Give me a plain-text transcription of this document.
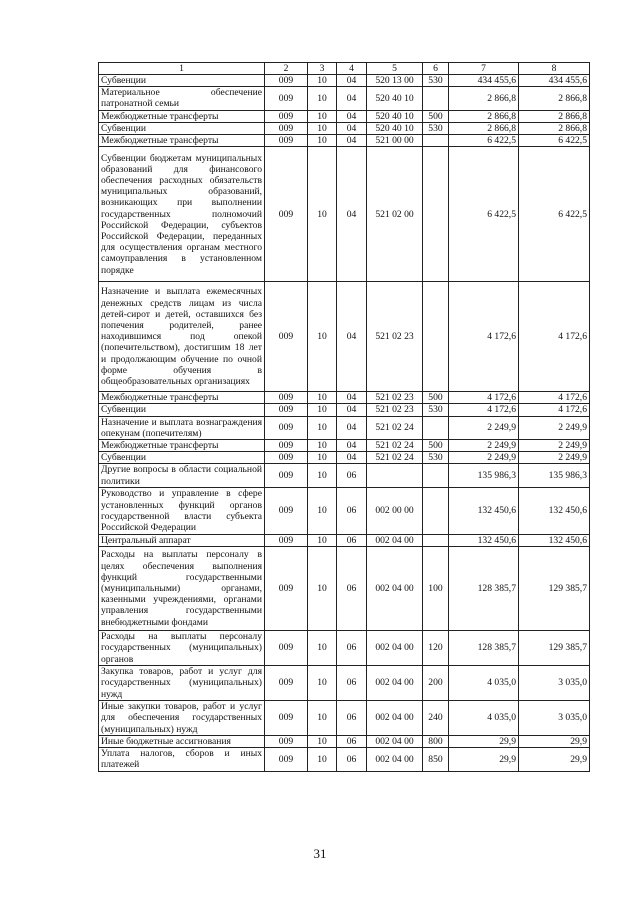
1	2	3	4	5	6	7	8
Субвенции	009	10	04	520 13 00	530	434 455,6	434 455,6
Материальное обеспечение патронатной семьи	009	10	04	520 40 10		2 866,8	2 866,8
Межбюджетные трансферты	009	10	04	520 40 10	500	2 866,8	2 866,8
Субвенции	009	10	04	520 40 10	530	2 866,8	2 866,8
Межбюджетные трансферты	009	10	04	521 00 00		6 422,5	6 422,5
Субвенции бюджетам муниципальных образований для финансового обеспечения расходных обязательств муниципальных образований, возникающих при выполнении государственных полномочий Российской Федерации, субъектов Российской Федерации, переданных для осуществления органам местного самоуправления в установленном порядке	009	10	04	521 02 00		6 422,5	6 422,5
Назначение и выплата ежемесячных денежных средств лицам из числа детей-сирот и детей, оставшихся без попечения родителей, ранее находившимся под опекой (попечительством), достигшим 18 лет и продолжающим обучение по очной форме обучения в общеобразовательных организациях	009	10	04	521 02 23		4 172,6	4 172,6
Межбюджетные трансферты	009	10	04	521 02 23	500	4 172,6	4 172,6
Субвенции	009	10	04	521 02 23	530	4 172,6	4 172,6
Назначение и выплата вознаграждения опекунам (попечителям)	009	10	04	521 02 24		2 249,9	2 249,9
Межбюджетные трансферты	009	10	04	521 02 24	500	2 249,9	2 249,9
Субвенции	009	10	04	521 02 24	530	2 249,9	2 249,9
Другие вопросы в области социальной политики	009	10	06			135 986,3	135 986,3
Руководство и управление в сфере установленных функций органов государственной власти субъекта Российской Федерации	009	10	06	002 00 00		132 450,6	132 450,6
Центральный аппарат	009	10	06	002 04 00		132 450,6	132 450,6
Расходы на выплаты персоналу в целях обеспечения выполнения функций государственными (муниципальными) органами, казенными учреждениями, органами управления государственными внебюджетными фондами	009	10	06	002 04 00	100	128 385,7	129 385,7
Расходы на выплаты персоналу государственных (муниципальных) органов	009	10	06	002 04 00	120	128 385,7	129 385,7
Закупка товаров, работ и услуг для государственных (муниципальных) нужд	009	10	06	002 04 00	200	4 035,0	3 035,0
Иные закупки товаров, работ и услуг для обеспечения государственных (муниципальных) нужд	009	10	06	002 04 00	240	4 035,0	3 035,0
Иные бюджетные ассигнования	009	10	06	002 04 00	800	29,9	29,9
Уплата налогов, сборов и иных платежей	009	10	06	002 04 00	850	29,9	29,9
31
